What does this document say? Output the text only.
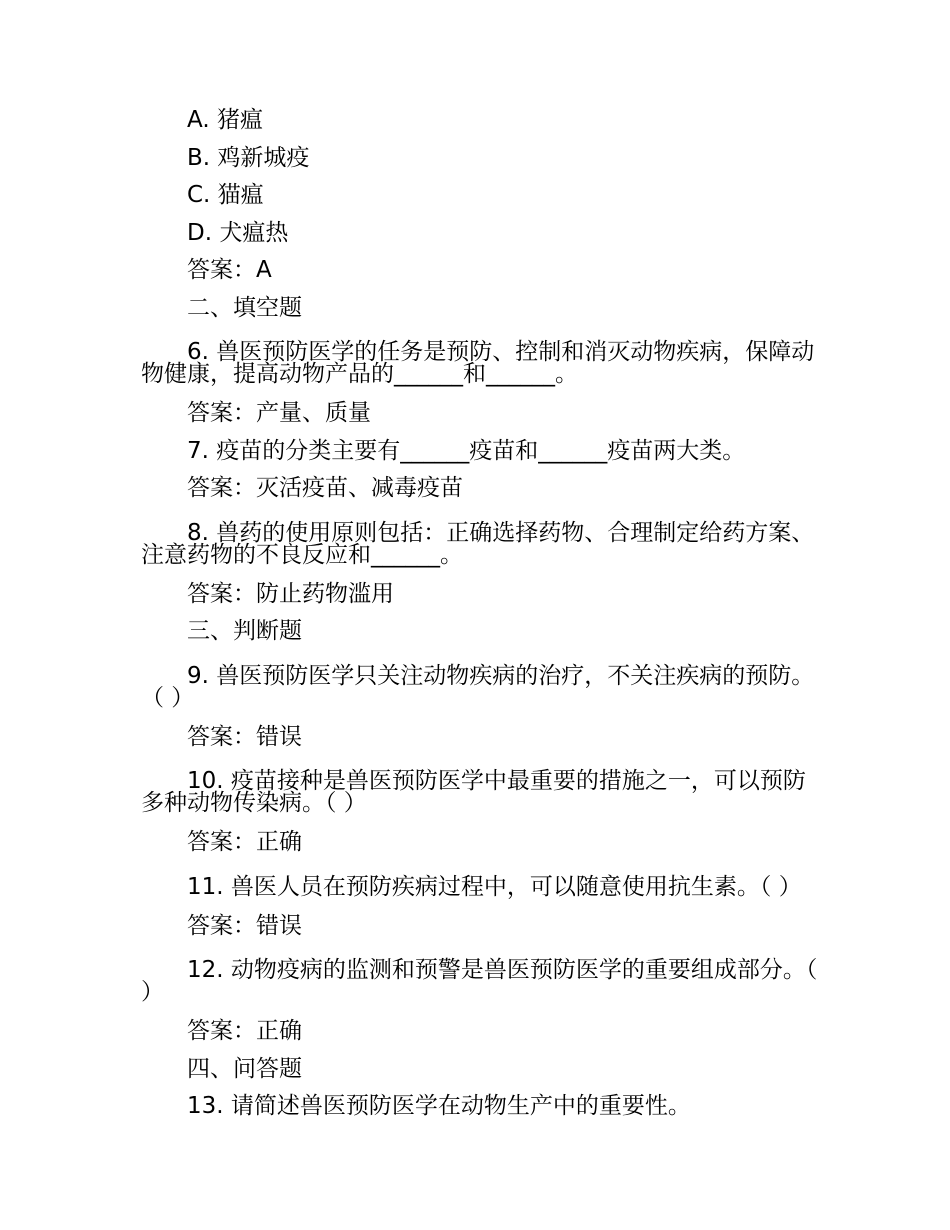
A. 猪瘟
B. 鸡新城疫
C. 猫瘟
D. 犬瘟热
答案：A
二、填空题
6. 兽医预防医学的任务是预防、控制和消灭动物疾病，保障动物健康，提高动物产品的______和______。
答案：产量、质量
7. 疫苗的分类主要有______疫苗和______疫苗两大类。
答案：灭活疫苗、减毒疫苗
8. 兽药的使用原则包括：正确选择药物、合理制定给药方案、注意药物的不良反应和______。
答案：防止药物滥用
三、判断题
9. 兽医预防医学只关注动物疾病的治疗，不关注疾病的预防。（ ）
答案：错误
10. 疫苗接种是兽医预防医学中最重要的措施之一，可以预防多种动物传染病。（ ）
答案：正确
11. 兽医人员在预防疾病过程中，可以随意使用抗生素。（ ）
答案：错误
12. 动物疫病的监测和预警是兽医预防医学的重要组成部分。（ ）
答案：正确
四、问答题
13. 请简述兽医预防医学在动物生产中的重要性。
